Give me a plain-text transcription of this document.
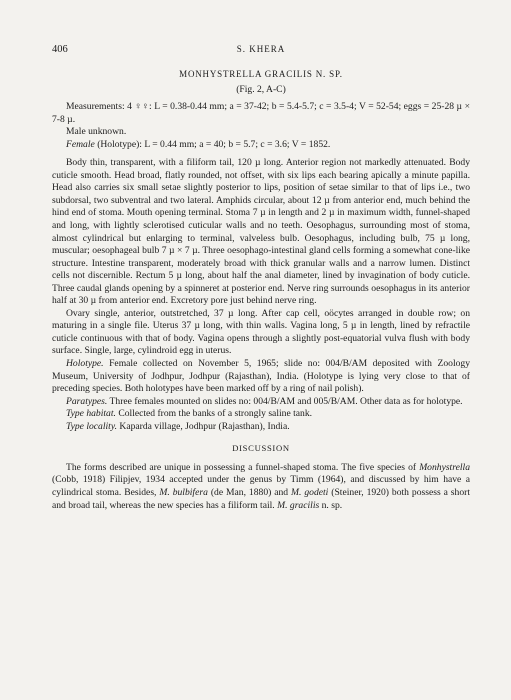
406	S. KHERA
MONHYSTRELLA GRACILIS N. SP.
(Fig. 2, A-C)

Measurements: 4 ♀♀: L = 0.38-0.44 mm; a = 37-42; b = 5.4-5.7; c = 3.5-4; V = 52-54; eggs = 25-28 µ × 7-8 µ.

Male unknown.

Female (Holotype): L = 0.44 mm; a = 40; b = 5.7; c = 3.6; V = 1852.

Body thin, transparent, with a filiform tail, 120 µ long. Anterior region not markedly attenuated. Body cuticle smooth. Head broad, flatly rounded, not offset, with six lips each bearing apically a minute papilla. Head also carries six small setae slightly posterior to lips, position of setae similar to that of lips i.e., two subdorsal, two subventral and two lateral. Amphids circular, about 12 µ from anterior end, much behind the hind end of stoma. Mouth opening terminal. Stoma 7 µ in length and 2 µ in maximum width, funnel-shaped and long, with lightly sclerotised cuticular walls and no teeth. Oesophagus, surrounding most of stoma, almost cylindrical but enlarging to terminal, valveless bulb. Oesophagus, including bulb, 75 µ long, muscular; oesophageal bulb 7 µ × 7 µ. Three oesophago-intestinal gland cells forming a somewhat cone-like structure. Intestine transparent, moderately broad with thick granular walls and a narrow lumen. Distinct cells not discernible. Rectum 5 µ long, about half the anal diameter, lined by invagination of body cuticle. Three caudal glands opening by a spinneret at posterior end. Nerve ring surrounds oesophagus in its anterior half at 30 µ from anterior end. Excretory pore just behind nerve ring.

Ovary single, anterior, outstretched, 37 µ long. After cap cell, oöcytes arranged in double row; on maturing in a single file. Uterus 37 µ long, with thin walls. Vagina long, 5 µ in length, lined by refractile cuticle continuous with that of body. Vagina opens through a slightly post-equatorial vulva flush with body surface. Single, large, cylindroid egg in uterus.

Holotype. Female collected on November 5, 1965; slide no: 004/B/AM deposited with Zoology Museum, University of Jodhpur, Jodhpur (Rajasthan), India. (Holotype is lying very close to that of preceding species. Both holotypes have been marked off by a ring of nail polish).

Paratypes. Three females mounted on slides no: 004/B/AM and 005/B/AM. Other data as for holotype.

Type habitat. Collected from the banks of a strongly saline tank.

Type locality. Kaparda village, Jodhpur (Rajasthan), India.

DISCUSSION

The forms described are unique in possessing a funnel-shaped stoma. The five species of Monhystrella (Cobb, 1918) Filipjev, 1934 accepted under the genus by Timm (1964), and discussed by him have a cylindrical stoma. Besides, M. bulbifera (de Man, 1880) and M. godeti (Steiner, 1920) both possess a short and broad tail, whereas the new species has a filiform tail. M. gracilis n. sp.
